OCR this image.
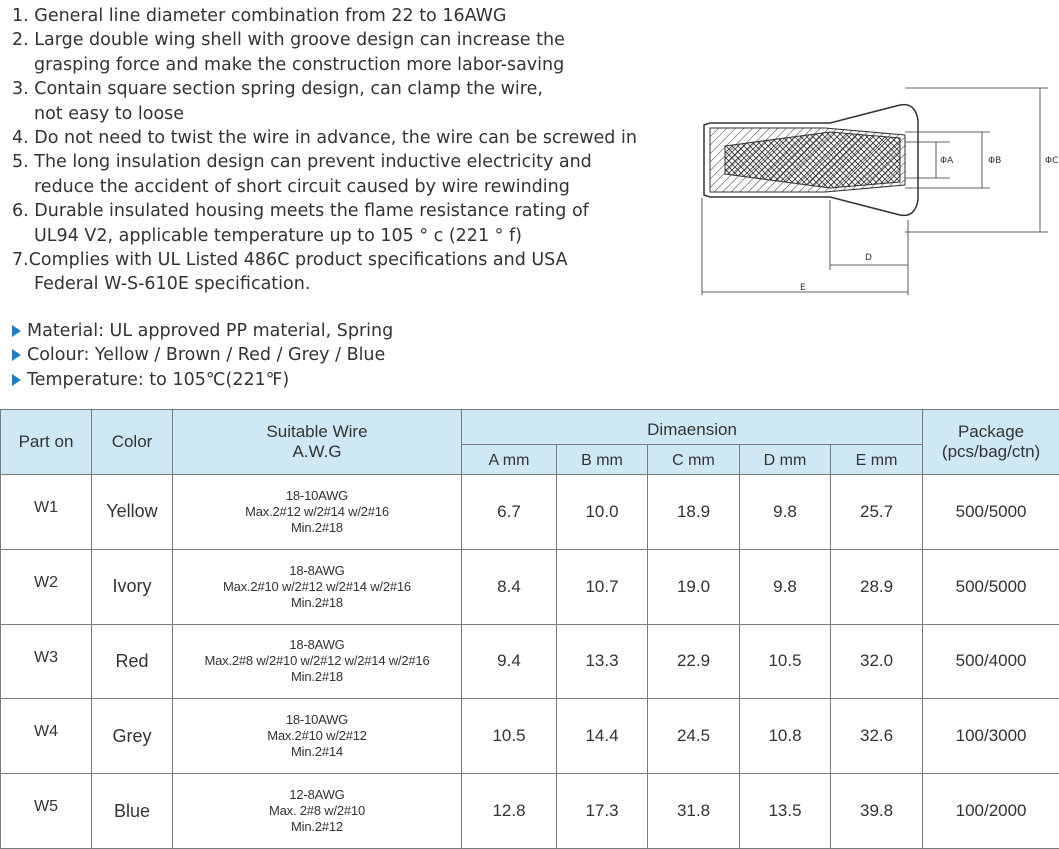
1. General line diameter combination from 22 to 16AWG
2. Large double wing shell with groove design can increase the
grasping force and make the construction more labor-saving
3. Contain square section spring design, can clamp the wire,
not easy to loose
4. Do not need to twist the wire in advance, the wire can be screwed in
5. The long insulation design can prevent inductive electricity and
reduce the accident of short circuit caused by wire rewinding
6. Durable insulated housing meets the flame resistance rating of
UL94 V2, applicable temperature up to 105 ° c (221 ° f)
7.Complies with UL Listed 486C product specifications and USA
Federal W-S-610E specification.
ΦA	ΦB	ΦC
D
E
Material: UL approved PP material, Spring
Colour: Yellow / Brown / Red / Grey / Blue
Temperature: to 105℃(221℉)
Part on	Color	Suitable Wire
A.W.G	Dimaension					Package
(pcs/bag/ctn)

			A mm	B mm	C mm	D mm	E mm	
W1	Yellow	18-10AWG
Max.2#12 w/2#14 w/2#16
Min.2#18	6.7	10.0	18.9	9.8	25.7	500/5000
W2	Ivory	18-8AWG
Max.2#10 w/2#12 w/2#14 w/2#16
Min.2#18	8.4	10.7	19.0	9.8	28.9	500/5000
W3	Red	18-8AWG
Max.2#8 w/2#10 w/2#12 w/2#14 w/2#16
Min.2#18	9.4	13.3	22.9	10.5	32.0	500/4000
W4	Grey	18-10AWG
Max.2#10 w/2#12
Min.2#14	10.5	14.4	24.5	10.8	32.6	100/3000
W5	Blue	12-8AWG
Max. 2#8 w/2#10
Min.2#12	12.8	17.3	31.8	13.5	39.8	100/2000
